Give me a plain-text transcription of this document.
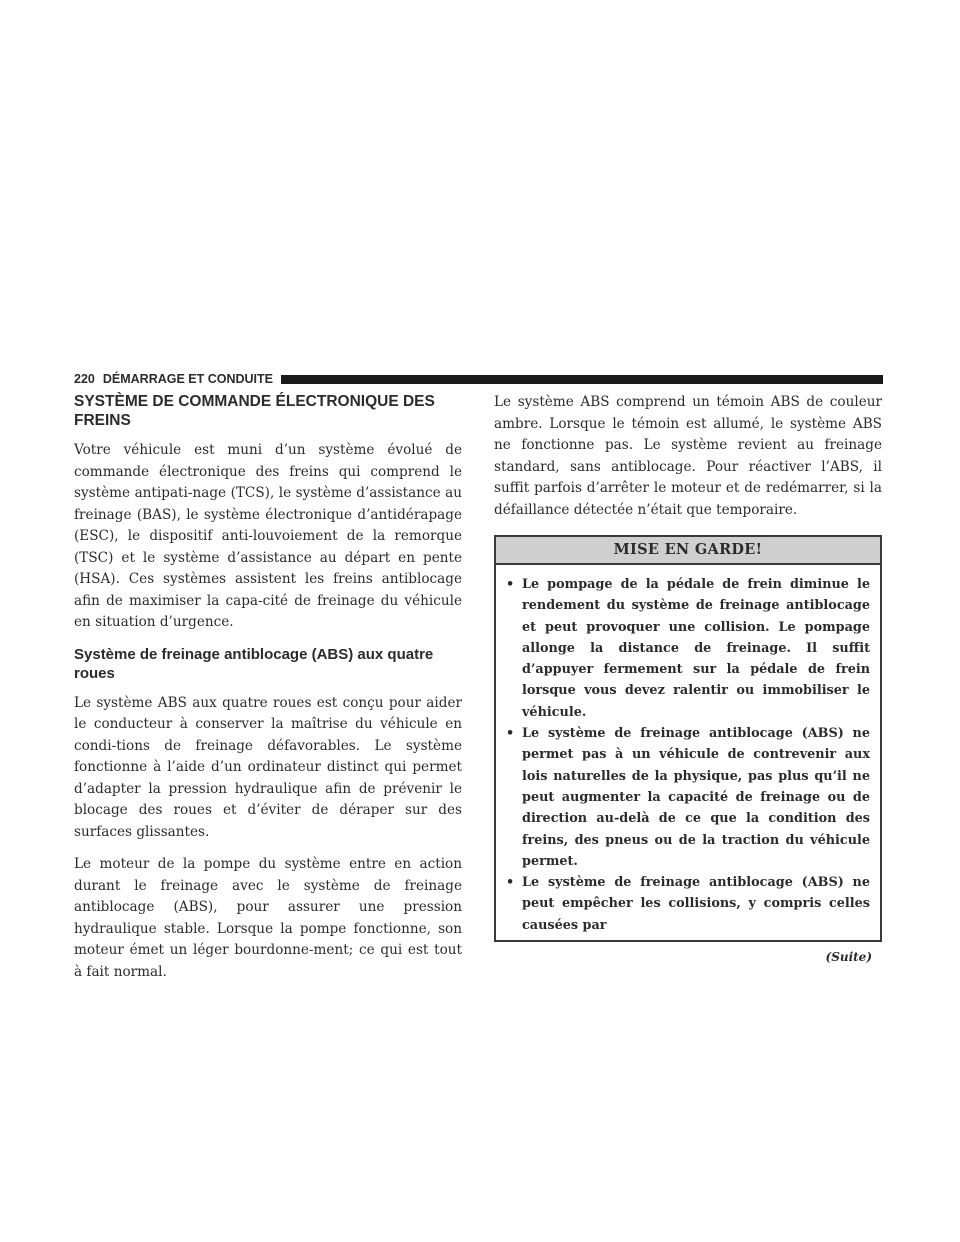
220 DÉMARRAGE ET CONDUITE
SYSTÈME DE COMMANDE ÉLECTRONIQUE DES FREINS

Votre véhicule est muni d’un système évolué de commande électronique des freins qui comprend le système antipati-nage (TCS), le système d’assistance au freinage (BAS), le système électronique d’antidérapage (ESC), le dispositif anti-louvoiement de la remorque (TSC) et le système d’assistance au départ en pente (HSA). Ces systèmes assistent les freins antiblocage afin de maximiser la capa-cité de freinage du véhicule en situation d’urgence.

Système de freinage antiblocage (ABS) aux quatre roues

Le système ABS aux quatre roues est conçu pour aider le conducteur à conserver la maîtrise du véhicule en condi-tions de freinage défavorables. Le système fonctionne à l’aide d’un ordinateur distinct qui permet d’adapter la pression hydraulique afin de prévenir le blocage des roues et d’éviter de déraper sur des surfaces glissantes.

Le moteur de la pompe du système entre en action durant le freinage avec le système de freinage antiblocage (ABS), pour assurer une pression hydraulique stable. Lorsque la pompe fonctionne, son moteur émet un léger bourdonne-ment; ce qui est tout à fait normal.

Le système ABS comprend un témoin ABS de couleur ambre. Lorsque le témoin est allumé, le système ABS ne fonctionne pas. Le système revient au freinage standard, sans antiblocage. Pour réactiver l’ABS, il suffit parfois d’arrêter le moteur et de redémarrer, si la défaillance détectée n’était que temporaire.

MISE EN GARDE!
• Le pompage de la pédale de frein diminue le rendement du système de freinage antiblocage et peut provoquer une collision. Le pompage allonge la distance de freinage. Il suffit d’appuyer fermement sur la pédale de frein lorsque vous devez ralentir ou immobiliser le véhicule.
• Le système de freinage antiblocage (ABS) ne permet pas à un véhicule de contrevenir aux lois naturelles de la physique, pas plus qu’il ne peut augmenter la capacité de freinage ou de direction au-delà de ce que la condition des freins, des pneus ou de la traction du véhicule permet.
• Le système de freinage antiblocage (ABS) ne peut empêcher les collisions, y compris celles causées par
(Suite)
